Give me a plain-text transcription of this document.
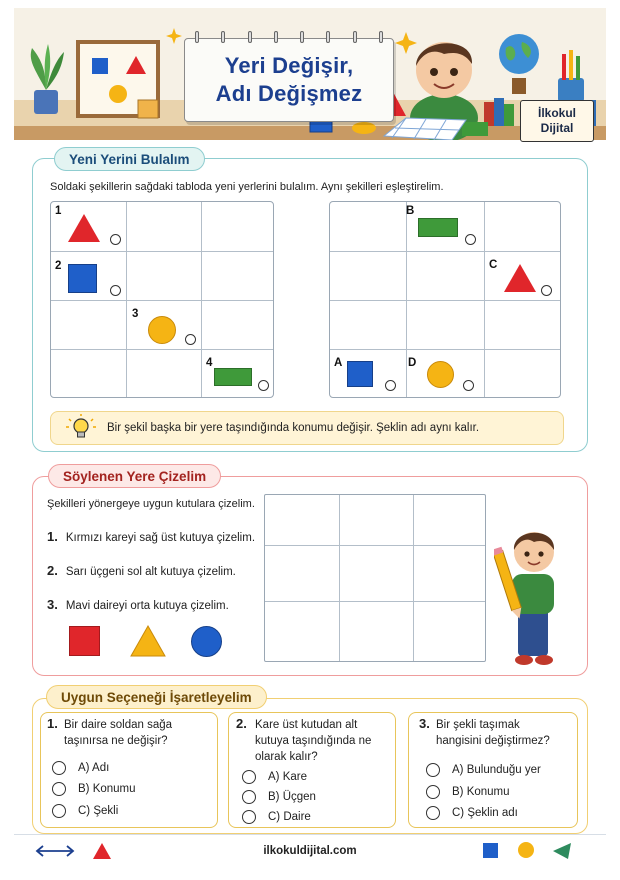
Yeri Değişir,
Adı Değişmez
İlkokul
Dijital
Yeni Yerini Bulalım
Soldaki şekillerin sağdaki tabloda yeni yerlerini bulalım. Aynı şekilleri eşleştirelim.
1
2
3
4
B
C
A	D
Bir şekil başka bir yere taşındığında konumu değişir. Şeklin adı aynı kalır.
Söylenen Yere Çizelim
Şekilleri yönergeye uygun kutulara çizelim.
1. Kırmızı kareyi sağ üst kutuya çizelim.
2. Sarı üçgeni sol alt kutuya çizelim.
3. Mavi daireyi orta kutuya çizelim.
Uygun Seçeneği İşaretleyelim
1. Bir daire soldan sağa
taşınırsa ne değişir?
A) Adı
B) Konumu
C) Şekli
2. Kare üst kutudan alt
kutuya taşındığında ne
olarak kalır?
A) Kare
B) Üçgen
C) Daire
3. Bir şekli taşımak
hangisini değiştirmez?
A) Bulunduğu yer
B) Konumu
C) Şeklin adı
ilkokuldijital.com
